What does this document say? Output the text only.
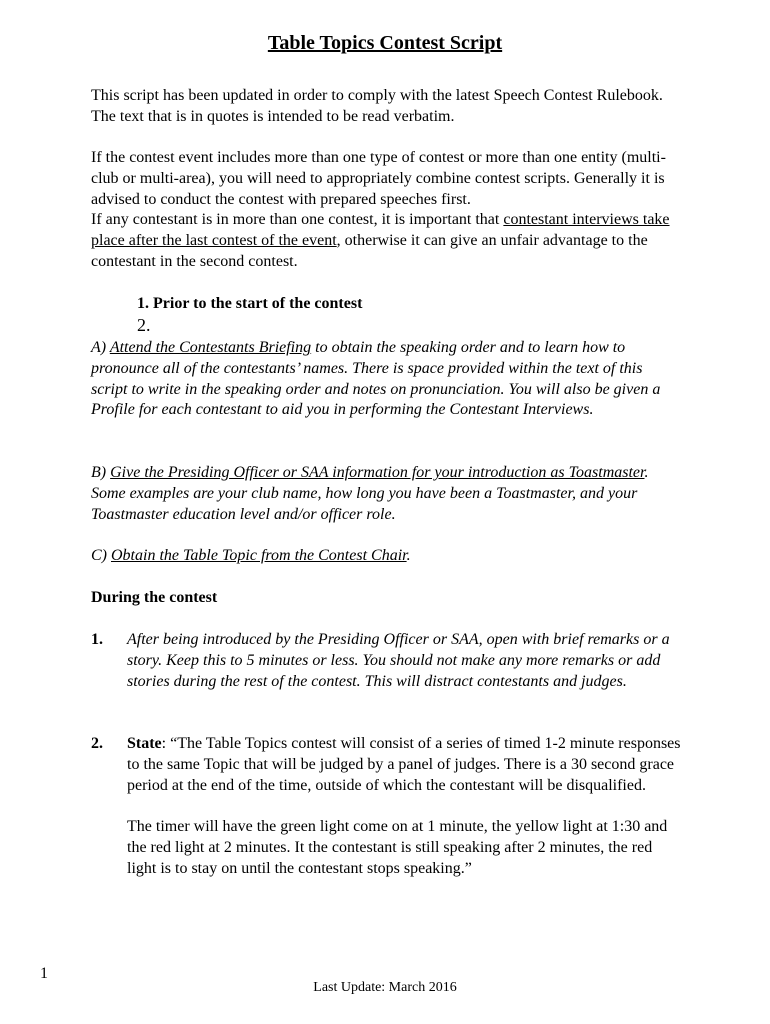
Table Topics Contest Script

This script has been updated in order to comply with the latest Speech Contest Rulebook. The text that is in quotes is intended to be read verbatim.

If the contest event includes more than one type of contest or more than one entity (multi-club or multi-area), you will need to appropriately combine contest scripts. Generally it is advised to conduct the contest with prepared speeches first.
If any contestant is in more than one contest, it is important that contestant interviews take place after the last contest of the event, otherwise it can give an unfair advantage to the contestant in the second contest.

1. Prior to the start of the contest

2.

A) Attend the Contestants Briefing to obtain the speaking order and to learn how to pronounce all of the contestants’ names. There is space provided within the text of this script to write in the speaking order and notes on pronunciation. You will also be given a Profile for each contestant to aid you in performing the Contestant Interviews.

B) Give the Presiding Officer or SAA information for your introduction as Toastmaster. Some examples are your club name, how long you have been a Toastmaster, and your Toastmaster education level and/or officer role.

C) Obtain the Table Topic from the Contest Chair.

During the contest

1. After being introduced by the Presiding Officer or SAA, open with brief remarks or a story. Keep this to 5 minutes or less. You should not make any more remarks or add stories during the rest of the contest. This will distract contestants and judges.
2. State: “The Table Topics contest will consist of a series of timed 1-2 minute responses to the same Topic that will be judged by a panel of judges. There is a 30 second grace period at the end of the time, outside of which the contestant will be disqualified.

The timer will have the green light come on at 1 minute, the yellow light at 1:30 and the red light at 2 minutes. It the contestant is still speaking after 2 minutes, the red light is to stay on until the contestant stops speaking.”

1

Last Update: March 2016
